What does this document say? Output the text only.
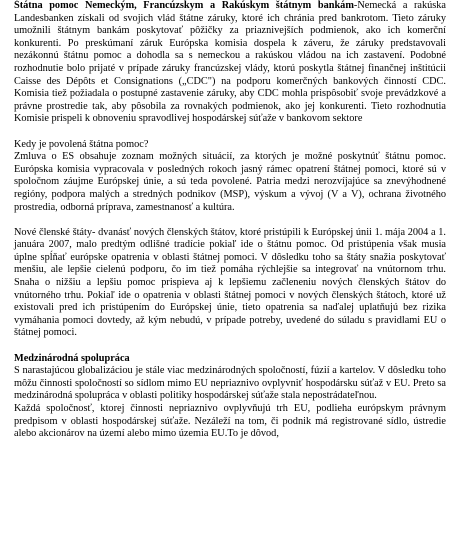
Štátna pomoc Nemeckým, Francúzskym a Rakúskym štátnym bankám-Nemecká a rakúska Landesbanken získali od svojich vlád štátne záruky, ktoré ich chránia pred bankrotom. Tieto záruky umožnili štátnym bankám poskytovať pôžičky za priaznivejších podmienok, ako ich komerční konkurenti. Po preskúmaní záruk Európska komisia dospela k záveru, že záruky predstavovali nezákonnú štátnu pomoc a dohodla sa s nemeckou a rakúskou vládou na ich zastavení. Podobné rozhodnutie bolo prijaté v prípade záruky francúzskej vlády, ktorú poskytla štátnej finančnej inštitúcii Caisse des Dépôts et Consignations („CDC") na podporu komerčných bankových činností CDC. Komisia tiež požiadala o postupné zastavenie záruky, aby CDC mohla prispôsobiť svoje prevádzkové a právne prostredie tak, aby pôsobila za rovnakých podmienok, ako jej konkurenti. Tieto rozhodnutia Komisie prispeli k obnoveniu spravodlivej hospodárskej súťaže v bankovom sektore

Kedy je povolená štátna pomoc?

Zmluva o ES obsahuje zoznam možných situácií, za ktorých je možné poskytnúť štátnu pomoc. Európska komisia vypracovala v posledných rokoch jasný rámec opatrení štátnej pomoci, ktoré sú v spoločnom záujme Európskej únie, a sú teda povolené. Patria medzi nerozvíjajúce sa znevýhodnené regióny, podpora malých a stredných podnikov (MSP), výskum a vývoj (V a V), ochrana životného prostredia, odborná príprava, zamestnanosť a kultúra.

Nové členské štáty- dvanásť nových členských štátov, ktoré pristúpili k Európskej únii 1. mája 2004 a 1. januára 2007, malo predtým odlišné tradície pokiaľ ide o štátnu pomoc. Od pristúpenia však musia úplne spĺňať európske opatrenia v oblasti štátnej pomoci. V dôsledku toho sa štáty snažia poskytovať menšiu, ale lepšie cielenú podporu, čo im tiež pomáha rýchlejšie sa integrovať na vnútornom trhu. Snaha o nižšiu a lepšiu pomoc prispieva aj k lepšiemu začleneniu nových členských štátov do vnútorného trhu. Pokiaľ ide o opatrenia v oblasti štátnej pomoci v nových členských štátoch, ktoré už existovali pred ich pristúpením do Európskej únie, tieto opatrenia sa naďalej uplatňujú bez rizika vymáhania pomoci dovtedy, až kým nebudú, v prípade potreby, uvedené do súladu s pravidlami EU o štátnej pomoci.

Medzinárodná spolupráca

S narastajúcou globalizáciou je stále viac medzinárodných spoločností, fúzií a kartelov. V dôsledku toho môžu činnosti spoločností so sídlom mimo EU nepriaznivo ovplyvniť hospodársku súťaž v EU. Preto sa medzinárodná spolupráca v oblasti politiky hospodárskej súťaže stala nepostrádateľnou.

Každá spoločnosť, ktorej činnosti nepriaznivo ovplyvňujú trh EU, podlieha európskym právnym predpisom v oblasti hospodárskej súťaže. Nezáleží na tom, či podnik má registrované sídlo, ústredie alebo akcionárov na území alebo mimo územia EU.To je dôvod,
